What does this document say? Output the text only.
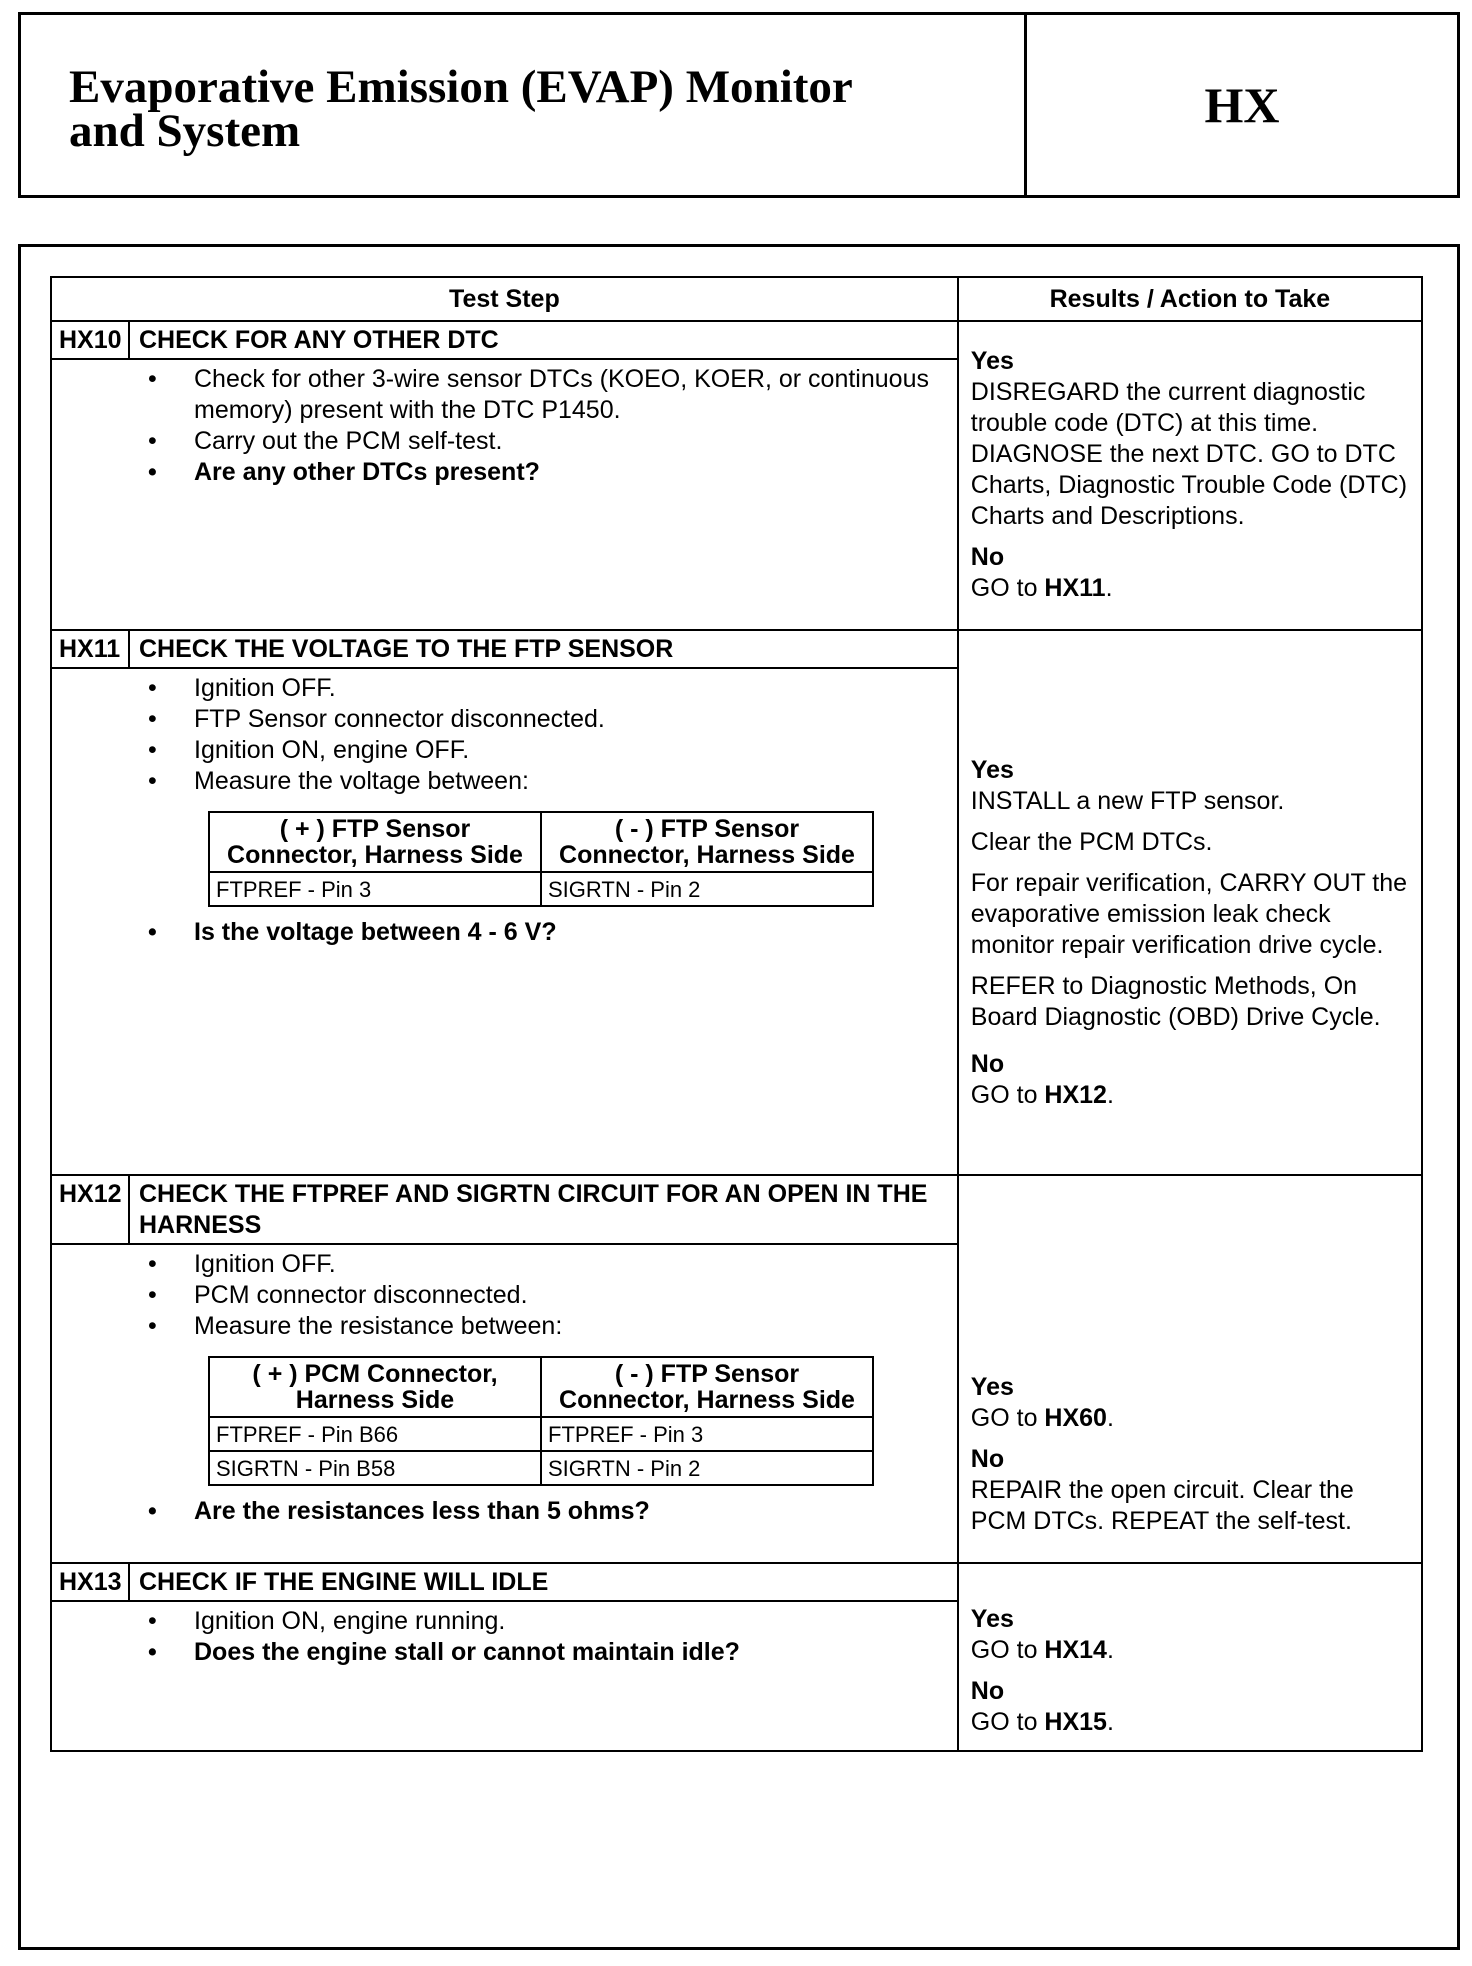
Evaporative Emission (EVAP) Monitor
and System	HX
Test Step	Results / Action to Take

HX10 CHECK FOR ANY OTHER DTC
• Check for other 3-wire sensor DTCs (KOEO, KOER, or continuous memory) present with the DTC P1450.
• Carry out the PCM self-test.
• Are any other DTCs present?

Yes

DISREGARD the current diagnostic trouble code (DTC) at this time. DIAGNOSE the next DTC. GO to DTC Charts, Diagnostic Trouble Code (DTC) Charts and Descriptions.

No

GO to HX11.

HX11 CHECK THE VOLTAGE TO THE FTP SENSOR
• Ignition OFF.
• FTP Sensor connector disconnected.
• Ignition ON, engine OFF.
• Measure the voltage between:
( + ) FTP Sensor Connector, Harness Side	( - ) FTP Sensor Connector, Harness Side
FTPREF - Pin 3	SIGRTN - Pin 2
• Is the voltage between 4 - 6 V?

Yes

INSTALL a new FTP sensor.

Clear the PCM DTCs.

For repair verification, CARRY OUT the evaporative emission leak check monitor repair verification drive cycle.

REFER to Diagnostic Methods, On Board Diagnostic (OBD) Drive Cycle.

No

GO to HX12.

HX12 CHECK THE FTPREF AND SIGRTN CIRCUIT FOR AN OPEN IN THE HARNESS
• Ignition OFF.
• PCM connector disconnected.
• Measure the resistance between:
( + ) PCM Connector, Harness Side	( - ) FTP Sensor Connector, Harness Side
FTPREF - Pin B66	FTPREF - Pin 3
SIGRTN - Pin B58	SIGRTN - Pin 2
• Are the resistances less than 5 ohms?

Yes

GO to HX60.

No

REPAIR the open circuit. Clear the PCM DTCs. REPEAT the self-test.

HX13 CHECK IF THE ENGINE WILL IDLE
• Ignition ON, engine running.
• Does the engine stall or cannot maintain idle?

Yes

GO to HX14.

No

GO to HX15.
